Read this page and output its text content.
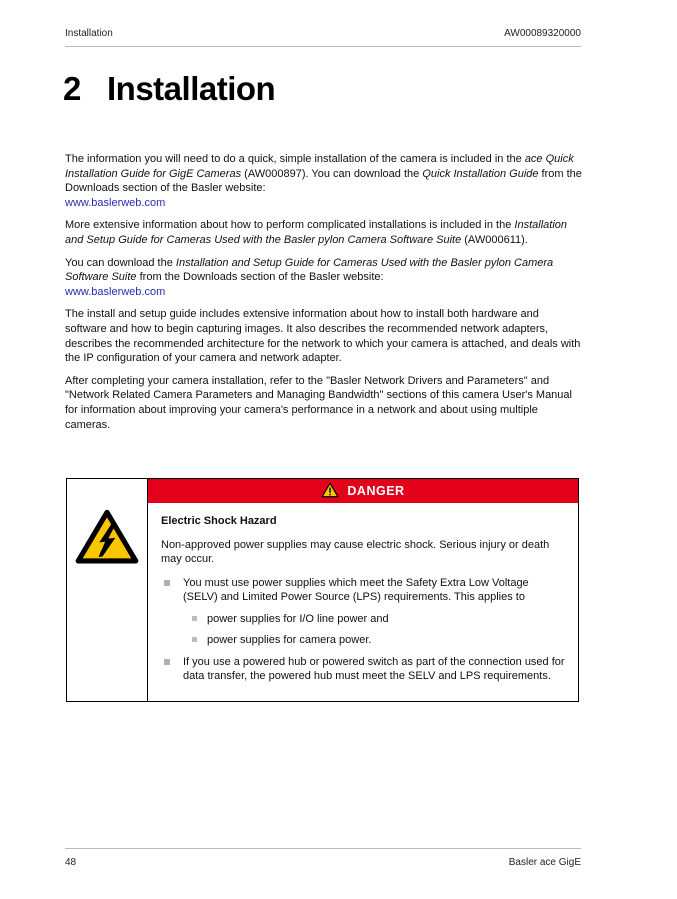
Installation	AW00089320000
2 Installation

The information you will need to do a quick, simple installation of the camera is included in the ace Quick Installation Guide for GigE Cameras (AW000897). You can download the Quick Installation Guide from the Downloads section of the Basler website:
www.baslerweb.com

More extensive information about how to perform complicated installations is included in the Installation and Setup Guide for Cameras Used with the Basler pylon Camera Software Suite (AW000611).

You can download the Installation and Setup Guide for Cameras Used with the Basler pylon Camera Software Suite from the Downloads section of the Basler website:
www.baslerweb.com

The install and setup guide includes extensive information about how to install both hardware and software and how to begin capturing images. It also describes the recommended network adapters, describes the recommended architecture for the network to which your camera is attached, and deals with the IP configuration of your camera and network adapter.

After completing your camera installation, refer to the "Basler Network Drivers and Parameters" and "Network Related Camera Parameters and Managing Bandwidth" sections of this camera User's Manual for information about improving your camera's performance in a network and about using multiple cameras.

DANGER

Electric Shock Hazard

Non-approved power supplies may cause electric shock. Serious injury or death may occur.

You must use power supplies which meet the Safety Extra Low Voltage (SELV) and Limited Power Source (LPS) requirements. This applies to
power supplies for I/O line power and
power supplies for camera power.
If you use a powered hub or powered switch as part of the connection used for data transfer, the powered hub must meet the SELV and LPS requirements.
48	Basler ace GigE
